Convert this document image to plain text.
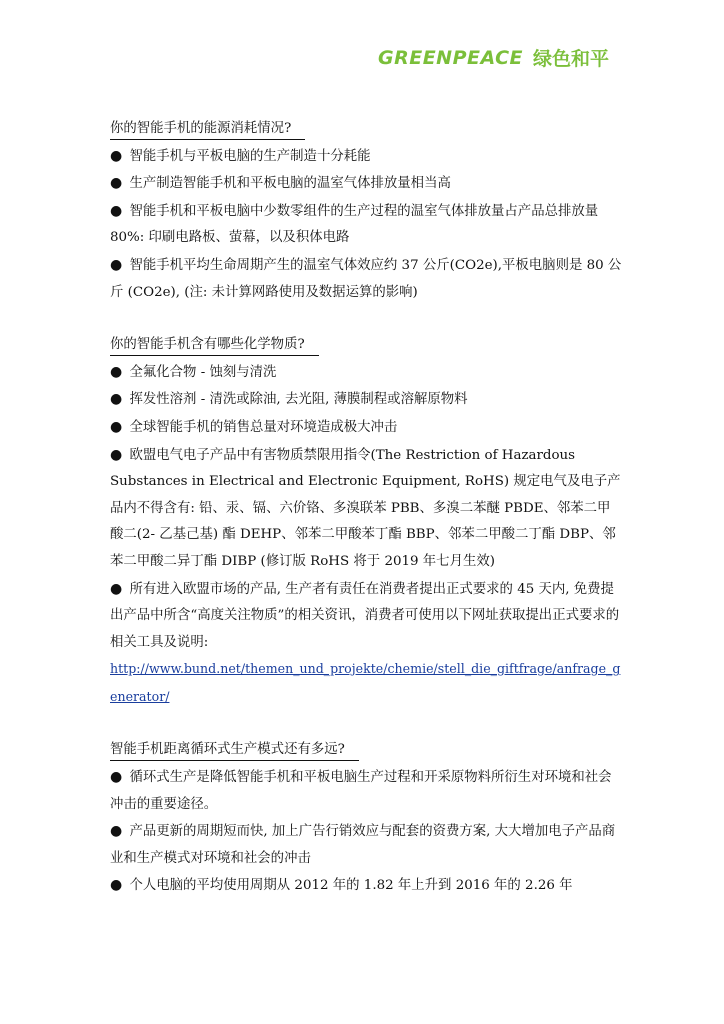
GREENPEACE 绿色和平
你的智能手机的能源消耗情况?

● 智能手机与平板电脑的生产制造十分耗能

● 生产制造智能手机和平板电脑的温室气体排放量相当高

● 智能手机和平板电脑中少数零组件的生产过程的温室气体排放量占产品总排放量 80%: 印刷电路板、萤幕，以及积体电路

● 智能手机平均生命周期产生的温室气体效应约 37 公斤(CO2e),平板电脑则是 80 公斤 (CO2e), (注: 未计算网路使用及数据运算的影响)

你的智能手机含有哪些化学物质?

● 全氟化合物 - 蚀刻与清洗

● 挥发性溶剂 - 清洗或除油, 去光阻, 薄膜制程或溶解原物料

● 全球智能手机的销售总量对环境造成极大冲击

● 欧盟电气电子产品中有害物质禁限用指令(The Restriction of Hazardous Substances in Electrical and Electronic Equipment, RoHS) 规定电气及电子产品内不得含有: 铅、汞、镉、六价铬、多溴联苯 PBB、多溴二苯醚 PBDE、邻苯二甲酸二(2- 乙基己基) 酯 DEHP、邻苯二甲酸苯丁酯 BBP、邻苯二甲酸二丁酯 DBP、邻苯二甲酸二异丁酯 DIBP (修订版 RoHS 将于 2019 年七月生效)

● 所有进入欧盟市场的产品, 生产者有责任在消费者提出正式要求的 45 天内, 免费提出产品中所含“高度关注物质”的相关资讯，消费者可使用以下网址获取提出正式要求的相关工具及说明:

http://www.bund.net/themen_und_projekte/chemie/stell_die_giftfrage/anfrage_generator/

智能手机距离循环式生产模式还有多远?

● 循环式生产是降低智能手机和平板电脑生产过程和开采原物料所衍生对环境和社会冲击的重要途径。

● 产品更新的周期短而快, 加上广告行销效应与配套的资费方案, 大大增加电子产品商业和生产模式对环境和社会的冲击

● 个人电脑的平均使用周期从 2012 年的 1.82 年上升到 2016 年的 2.26 年
